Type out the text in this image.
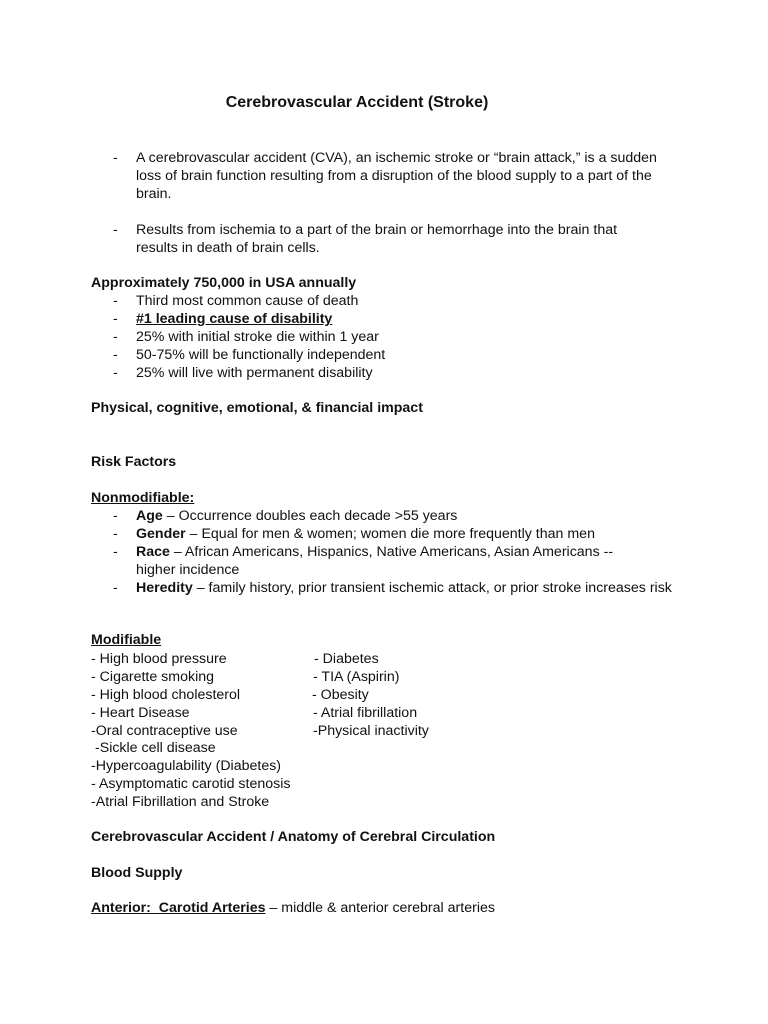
Cerebrovascular Accident (Stroke)
- A cerebrovascular accident (CVA), an ischemic stroke or “brain attack,” is a sudden loss of brain function resulting from a disruption of the blood supply to a part of the brain.
- Results from ischemia to a part of the brain or hemorrhage into the brain that results in death of brain cells.
Approximately 750,000 in USA annually
- Third most common cause of death
- #1 leading cause of disability
- 25% with initial stroke die within 1 year
- 50-75% will be functionally independent
- 25% will live with permanent disability
Physical, cognitive, emotional, & financial impact
Risk Factors
Nonmodifiable:
- Age – Occurrence doubles each decade >55 years
- Gender – Equal for men & women; women die more frequently than men
- Race – African Americans, Hispanics, Native Americans, Asian Americans -- higher incidence
- Heredity – family history, prior transient ischemic attack, or prior stroke increases risk
Modifiable
- High blood pressure
- Cigarette smoking
- High blood cholesterol
- Heart Disease
-Oral contraceptive use
-Sickle cell disease
-Hypercoagulability (Diabetes)
- Asymptomatic carotid stenosis
-Atrial Fibrillation and Stroke
- Diabetes
- TIA (Aspirin)
- Obesity
- Atrial fibrillation
-Physical inactivity
Cerebrovascular Accident / Anatomy of Cerebral Circulation
Blood Supply
Anterior:  Carotid Arteries – middle & anterior cerebral arteries
